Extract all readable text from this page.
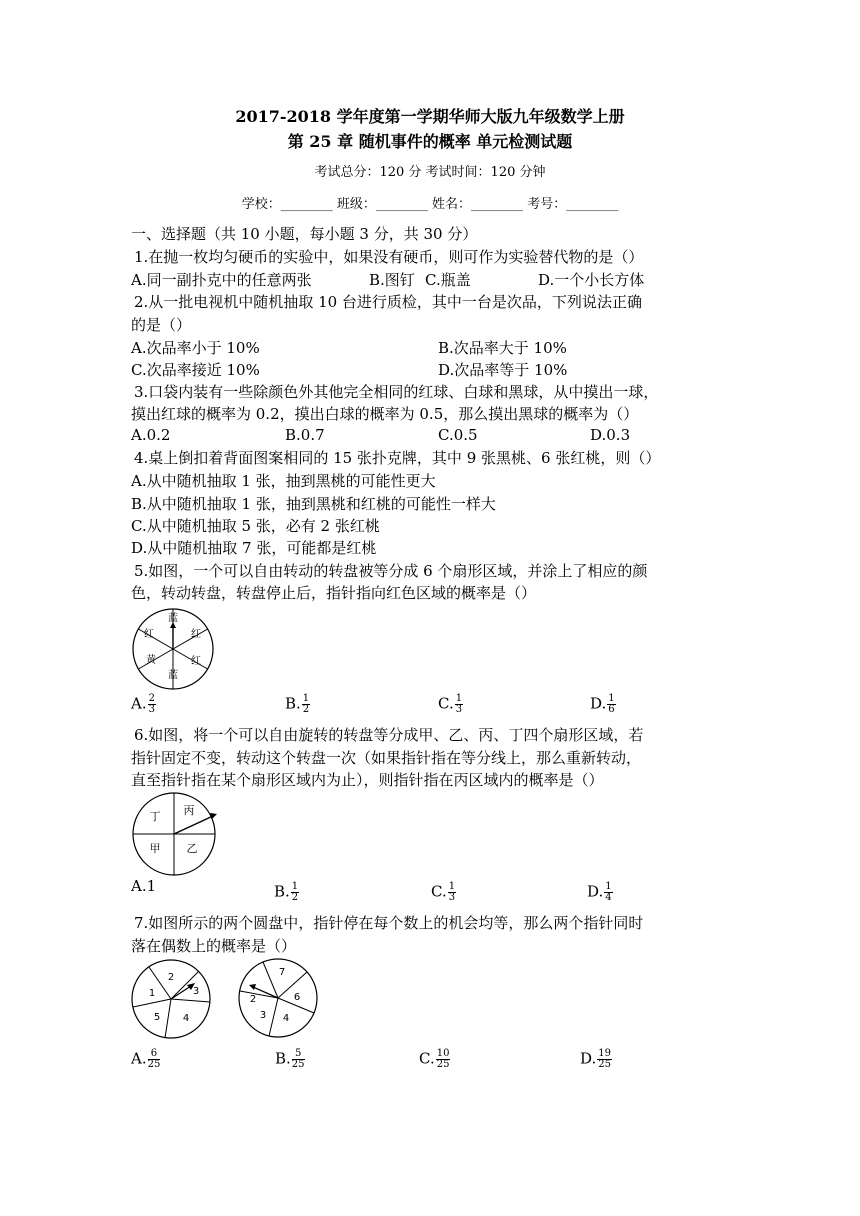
2017-2018 学年度第一学期华师大版九年级数学上册
第 25 章 随机事件的概率 单元检测试题
考试总分：120 分 考试时间：120 分钟
学校：________ 班级：________ 姓名：________ 考号：________
一、选择题（共 10 小题，每小题 3 分，共 30 分）
1.在抛一枚均匀硬币的实验中，如果没有硬币，则可作为实验替代物的是（）
A.同一副扑克中的任意两张	B.图钉 C.瓶盖	D.一个小长方体
2.从一批电视机中随机抽取 10 台进行质检，其中一台是次品，下列说法正确
的是（）
A.次品率小于 10%	B.次品率大于 10%
C.次品率接近 10%	D.次品率等于 10%
3.口袋内装有一些除颜色外其他完全相同的红球、白球和黑球，从中摸出一球，
摸出红球的概率为 0.2，摸出白球的概率为 0.5，那么摸出黑球的概率为（）
A.0.2	B.0.7	C.0.5	D.0.3
4.桌上倒扣着背面图案相同的 15 张扑克牌，其中 9 张黑桃、6 张红桃，则（）
A.从中随机抽取 1 张，抽到黑桃的可能性更大
B.从中随机抽取 1 张，抽到黑桃和红桃的可能性一样大
C.从中随机抽取 5 张，必有 2 张红桃
D.从中随机抽取 7 张，可能都是红桃
5.如图，一个可以自由转动的转盘被等分成 6 个扇形区域，并涂上了相应的颜
色，转动转盘，转盘停止后，指针指向红色区域的概率是（）
蓝
红
红
蓝
黄
红
A. $\frac{2}{3}$	B. $\frac{1}{2}$	C. $\frac{1}{3}$	D. $\frac{1}{6}$
6.如图，将一个可以自由旋转的转盘等分成甲、乙、丙、丁四个扇形区域，若
指针固定不变，转动这个转盘一次（如果指针指在等分线上，那么重新转动，
直至指针指在某个扇形区域内为止），则指针指在丙区域内的概率是（）
丁 丙
甲 乙
A.1	B. $\frac{1}{2}$	C. $\frac{1}{3}$	D. $\frac{1}{4}$
7.如图所示的两个圆盘中，指针停在每个数上的机会均等，那么两个指针同时
落在偶数上的概率是（）
1
2
3
4
5
7
2	6
3 4
A. $\frac{6}{25}$	B. $\frac{5}{25}$	C. $\frac{10}{25}$	D. $\frac{19}{25}$
